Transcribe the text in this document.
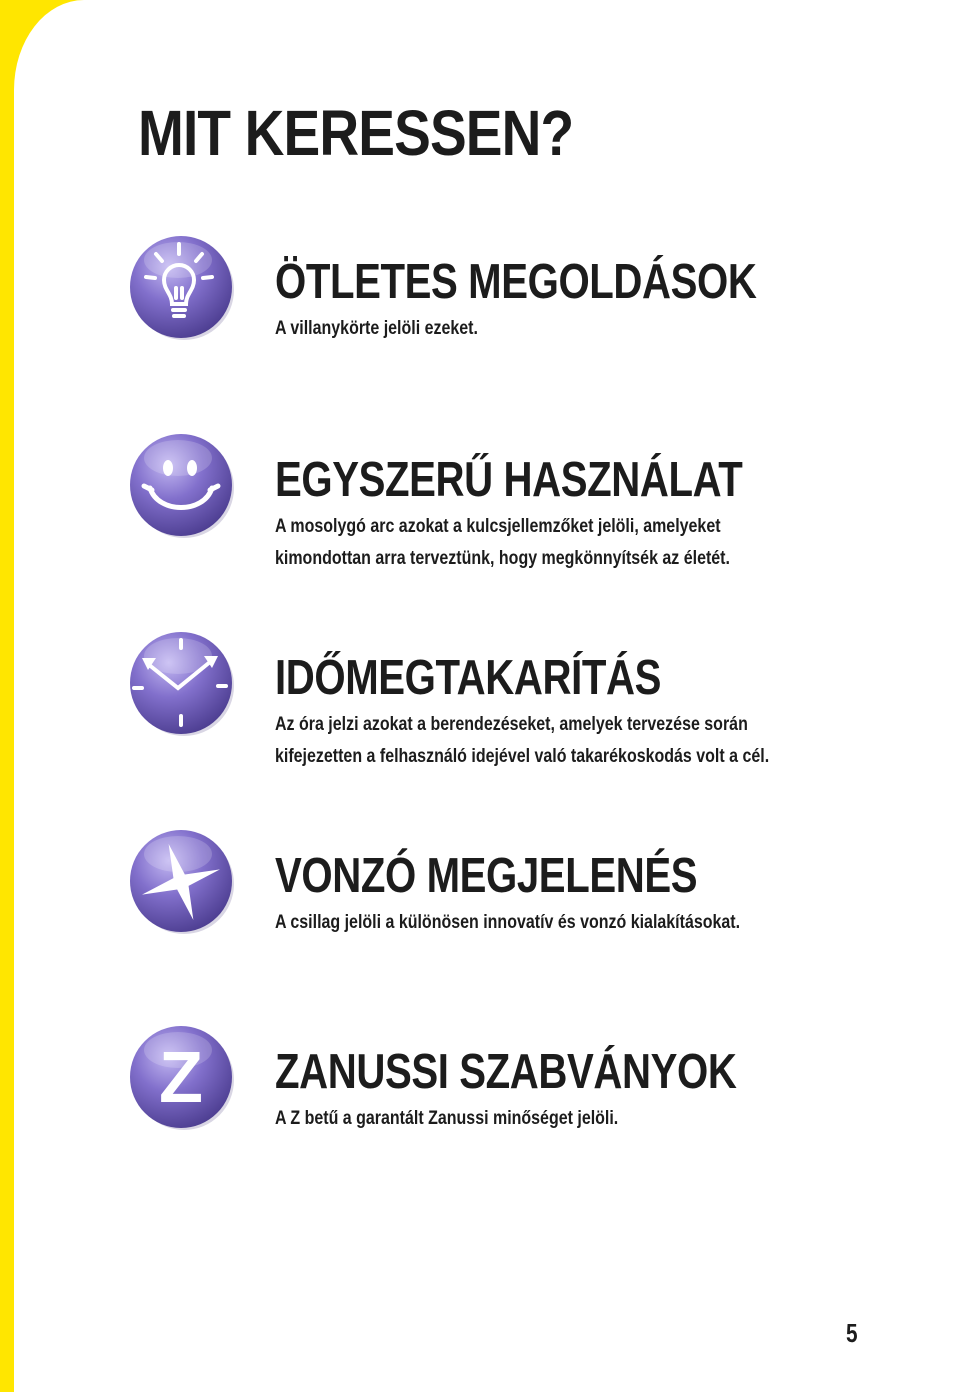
MIT KERESSEN?
ÖTLETES MEGOLDÁSOK

A villanykörte jelöli ezeket.

EGYSZERŰ HASZNÁLAT

A mosolygó arc azokat a kulcsjellemzőket jelöli, amelyeket
kimondottan arra terveztünk, hogy megkönnyítsék az életét.

IDŐMEGTAKARÍTÁS

Az óra jelzi azokat a berendezéseket, amelyek tervezése során
kifejezetten a felhasználó idejével való takarékoskodás volt a cél.

VONZÓ MEGJELENÉS

A csillag jelöli a különösen innovatív és vonzó kialakításokat.

Z ZANUSSI SZABVÁNYOK

A Z betű a garantált Zanussi minőséget jelöli.

5
